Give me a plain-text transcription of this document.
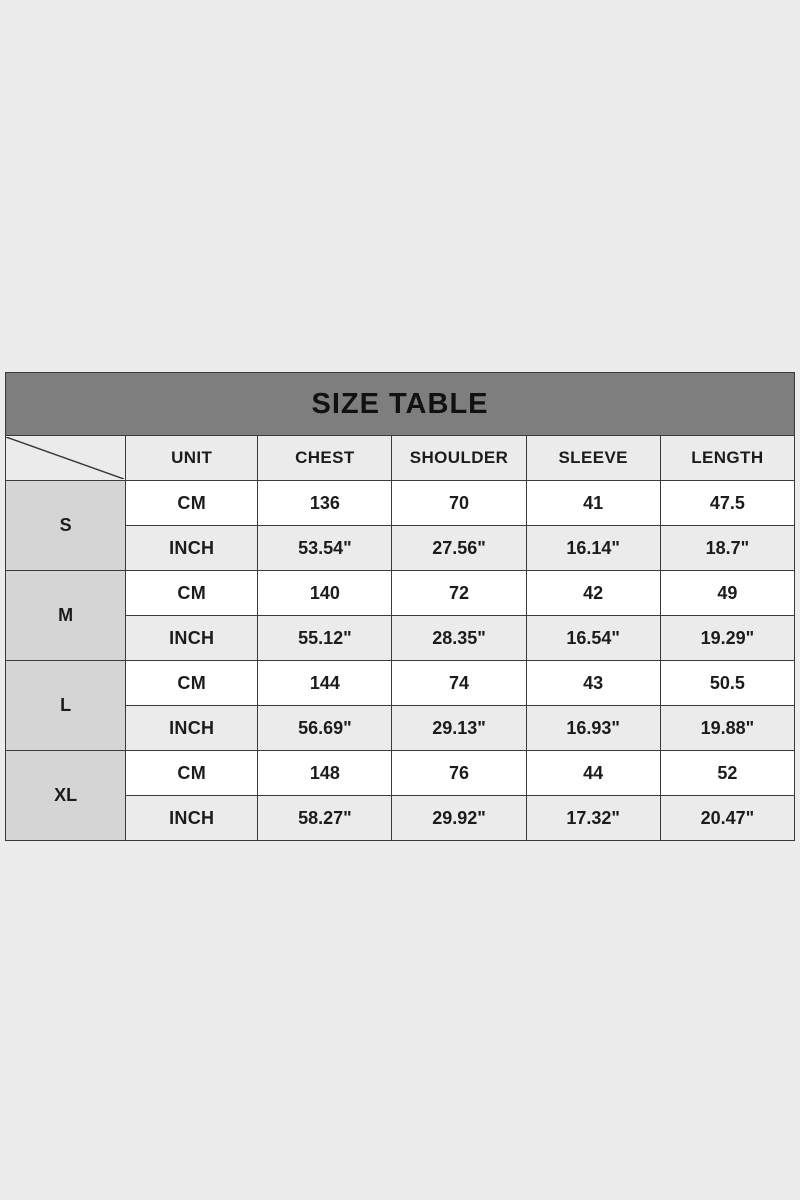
SIZE TABLE					

	UNIT	CHEST	SHOULDER	SLEEVE	LENGTH
S	CM	136	70	41	47.5
	INCH	53.54"	27.56"	16.14"	18.7"
M	CM	140	72	42	49
	INCH	55.12"	28.35"	16.54"	19.29"
L	CM	144	74	43	50.5
	INCH	56.69"	29.13"	16.93"	19.88"
XL	CM	148	76	44	52
	INCH	58.27"	29.92"	17.32"	20.47"
